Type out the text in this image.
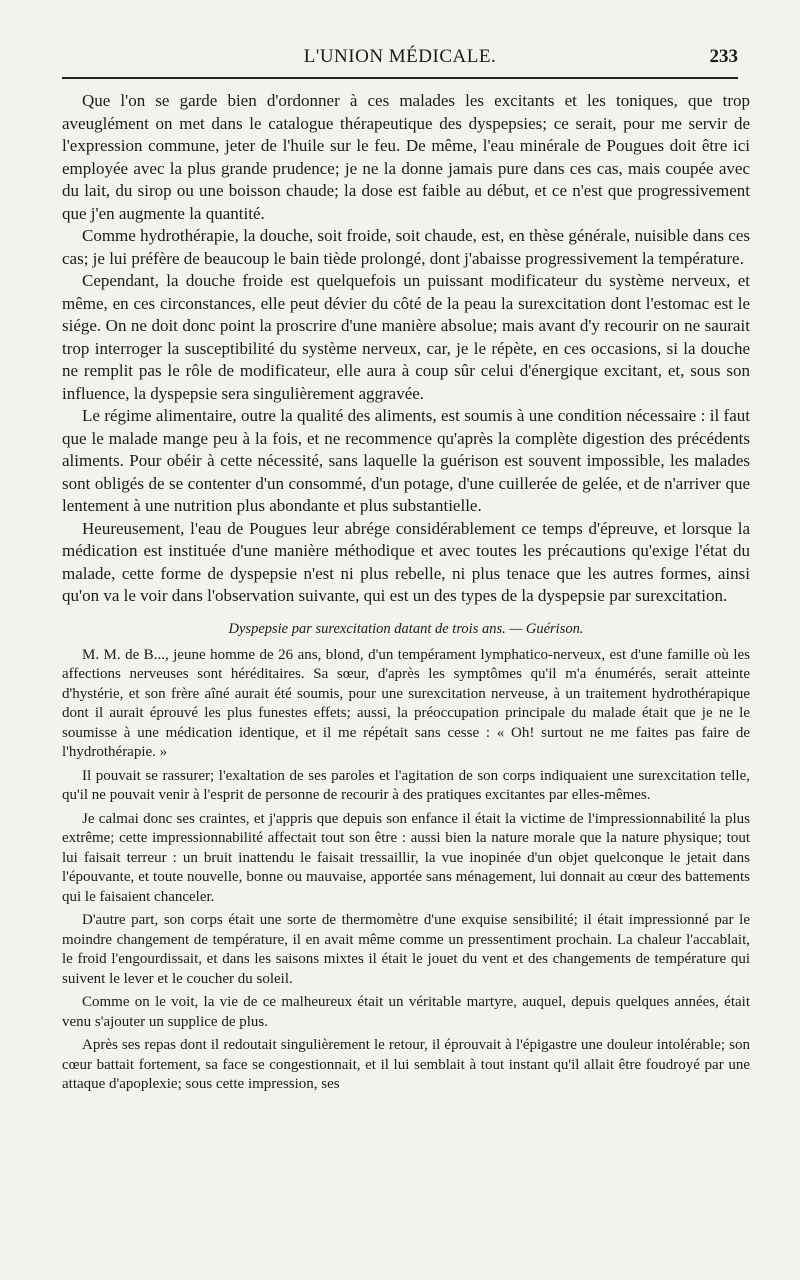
L'UNION MÉDICALE.	233

Que l'on se garde bien d'ordonner à ces malades les excitants et les toniques, que trop aveuglément on met dans le catalogue thérapeutique des dyspepsies; ce serait, pour me servir de l'expression commune, jeter de l'huile sur le feu. De même, l'eau minérale de Pougues doit être ici employée avec la plus grande prudence; je ne la donne jamais pure dans ces cas, mais coupée avec du lait, du sirop ou une boisson chaude; la dose est faible au début, et ce n'est que progressivement que j'en augmente la quantité.

Comme hydrothérapie, la douche, soit froide, soit chaude, est, en thèse générale, nuisible dans ces cas; je lui préfère de beaucoup le bain tiède prolongé, dont j'abaisse progressivement la température.

Cependant, la douche froide est quelquefois un puissant modificateur du système nerveux, et même, en ces circonstances, elle peut dévier du côté de la peau la surexcitation dont l'estomac est le siége. On ne doit donc point la proscrire d'une manière absolue; mais avant d'y recourir on ne saurait trop interroger la susceptibilité du système nerveux, car, je le répète, en ces occasions, si la douche ne remplit pas le rôle de modificateur, elle aura à coup sûr celui d'énergique excitant, et, sous son influence, la dyspepsie sera singulièrement aggravée.

Le régime alimentaire, outre la qualité des aliments, est soumis à une condition nécessaire : il faut que le malade mange peu à la fois, et ne recommence qu'après la complète digestion des précédents aliments. Pour obéir à cette nécessité, sans laquelle la guérison est souvent impossible, les malades sont obligés de se contenter d'un consommé, d'un potage, d'une cuillerée de gelée, et de n'arriver que lentement à une nutrition plus abondante et plus substantielle.

Heureusement, l'eau de Pougues leur abrége considérablement ce temps d'épreuve, et lorsque la médication est instituée d'une manière méthodique et avec toutes les précautions qu'exige l'état du malade, cette forme de dyspepsie n'est ni plus rebelle, ni plus tenace que les autres formes, ainsi qu'on va le voir dans l'observation suivante, qui est un des types de la dyspepsie par surexcitation.

Dyspepsie par surexcitation datant de trois ans. — Guérison.

M. M. de B..., jeune homme de 26 ans, blond, d'un tempérament lymphatico-nerveux, est d'une famille où les affections nerveuses sont héréditaires. Sa sœur, d'après les symptômes qu'il m'a énumérés, serait atteinte d'hystérie, et son frère aîné aurait été soumis, pour une surexcitation nerveuse, à un traitement hydrothérapique dont il aurait éprouvé les plus funestes effets; aussi, la préoccupation principale du malade était que je ne le soumisse à une médication identique, et il me répétait sans cesse : « Oh! surtout ne me faites pas faire de l'hydrothérapie. »

Il pouvait se rassurer; l'exaltation de ses paroles et l'agitation de son corps indiquaient une surexcitation telle, qu'il ne pouvait venir à l'esprit de personne de recourir à des pratiques excitantes par elles-mêmes.

Je calmai donc ses craintes, et j'appris que depuis son enfance il était la victime de l'impressionnabilité la plus extrême; cette impressionnabilité affectait tout son être : aussi bien la nature morale que la nature physique; tout lui faisait terreur : un bruit inattendu le faisait tressaillir, la vue inopinée d'un objet quelconque le jetait dans l'épouvante, et toute nouvelle, bonne ou mauvaise, apportée sans ménagement, lui donnait au cœur des battements qui le faisaient chanceler.

D'autre part, son corps était une sorte de thermomètre d'une exquise sensibilité; il était impressionné par le moindre changement de température, il en avait même comme un pressentiment prochain. La chaleur l'accablait, le froid l'engourdissait, et dans les saisons mixtes il était le jouet du vent et des changements de température qui suivent le lever et le coucher du soleil.

Comme on le voit, la vie de ce malheureux était un véritable martyre, auquel, depuis quelques années, était venu s'ajouter un supplice de plus.

Après ses repas dont il redoutait singulièrement le retour, il éprouvait à l'épigastre une douleur intolérable; son cœur battait fortement, sa face se congestionnait, et il lui semblait à tout instant qu'il allait être foudroyé par une attaque d'apoplexie; sous cette impression, ses
